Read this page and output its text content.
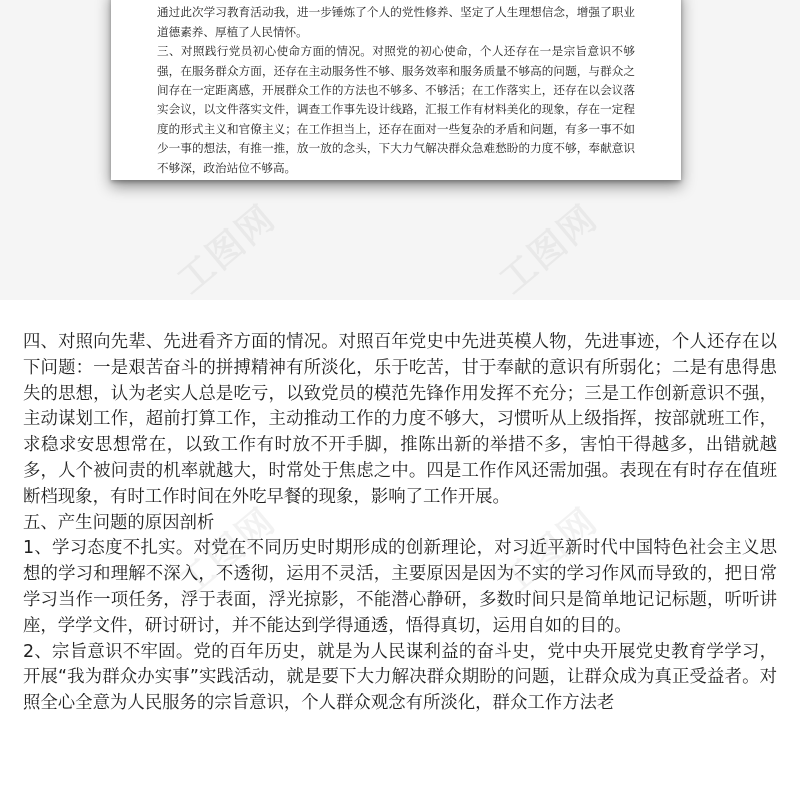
通过此次学习教育活动我，进一步锤炼了个人的党性修养、坚定了人生理想信念，增强了职业道德素养、厚植了人民情怀。

三、对照践行党员初心使命方面的情况。对照党的初心使命，个人还存在一是宗旨意识不够强，在服务群众方面，还存在主动服务性不够、服务效率和服务质量不够高的问题，与群众之间存在一定距离感，开展群众工作的方法也不够多、不够活；在工作落实上，还存在以会议落实会议，以文件落实文件，调查工作事先设计线路，汇报工作有材料美化的现象，存在一定程度的形式主义和官僚主义；在工作担当上，还存在面对一些复杂的矛盾和问题，有多一事不如少一事的想法，有推一推，放一放的念头，下大力气解决群众急难愁盼的力度不够，奉献意识不够深，政治站位不够高。

工图网	工图网
工图网	工图网

四、对照向先辈、先进看齐方面的情况。对照百年党史中先进英模人物，先进事迹，个人还存在以下问题：一是艰苦奋斗的拼搏精神有所淡化，乐于吃苦，甘于奉献的意识有所弱化；二是有患得患失的思想，认为老实人总是吃亏，以致党员的模范先锋作用发挥不充分；三是工作创新意识不强，主动谋划工作，超前打算工作，主动推动工作的力度不够大，习惯听从上级指挥，按部就班工作，求稳求安思想常在，以致工作有时放不开手脚，推陈出新的举措不多，害怕干得越多，出错就越多，人个被问责的机率就越大，时常处于焦虑之中。四是工作作风还需加强。表现在有时存在值班断档现象，有时工作时间在外吃早餐的现象，影响了工作开展。

五、产生问题的原因剖析

1、学习态度不扎实。对党在不同历史时期形成的创新理论，对习近平新时代中国特色社会主义思想的学习和理解不深入，不透彻，运用不灵活，主要原因是因为不实的学习作风而导致的，把日常学习当作一项任务，浮于表面，浮光掠影，不能潜心静研，多数时间只是简单地记记标题，听听讲座，学学文件，研讨研讨，并不能达到学得通透，悟得真切，运用自如的目的。

2、宗旨意识不牢固。党的百年历史，就是为人民谋利益的奋斗史，党中央开展党史教育学学习，开展“我为群众办实事”实践活动，就是要下大力解决群众期盼的问题，让群众成为真正受益者。对照全心全意为人民服务的宗旨意识，个人群众观念有所淡化，群众工作方法老
